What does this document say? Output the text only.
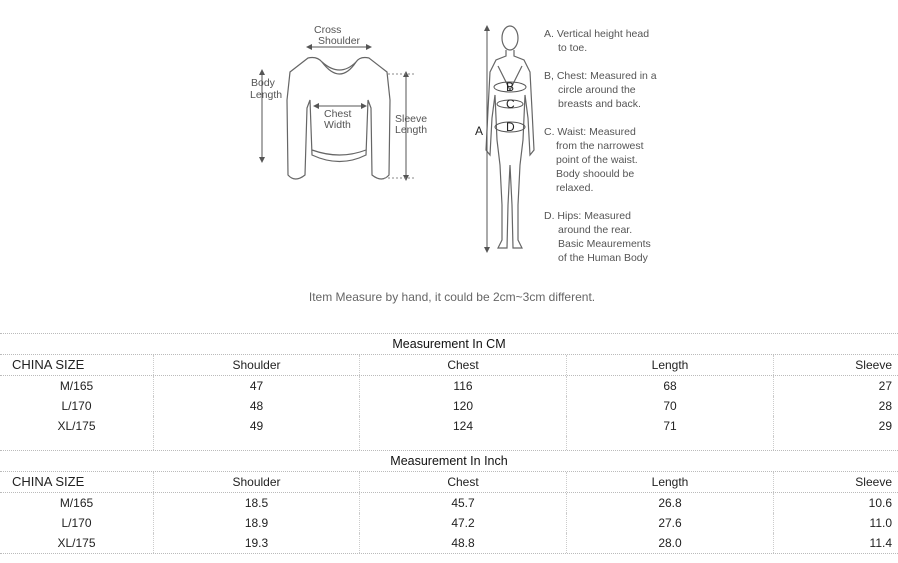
Cross
Shoulder
Body
Length
Chest
Width	Sleeve
Length	A
B
C
D
A. Vertical height head
to toe.
B, Chest: Measured in a
circle around the
breasts and back.
C. Waist: Measured
from the narrowest
point of the waist.
Body shoould be
relaxed.
D. Hips: Measured
around the rear.
Basic Meaurements
of the Human Body
Item Measure by hand, it could be 2cm~3cm different.
Measurement In CM
CHINA SIZE	Shoulder	Chest	Length	Sleeve
M/165	47	116	68	27
L/170	48	120	70	28
XL/175	49	124	71	29
Measurement In Inch
CHINA SIZE	Shoulder	Chest	Length	Sleeve
M/165	18.5	45.7	26.8	10.6
L/170	18.9	47.2	27.6	11.0
XL/175	19.3	48.8	28.0	11.4
